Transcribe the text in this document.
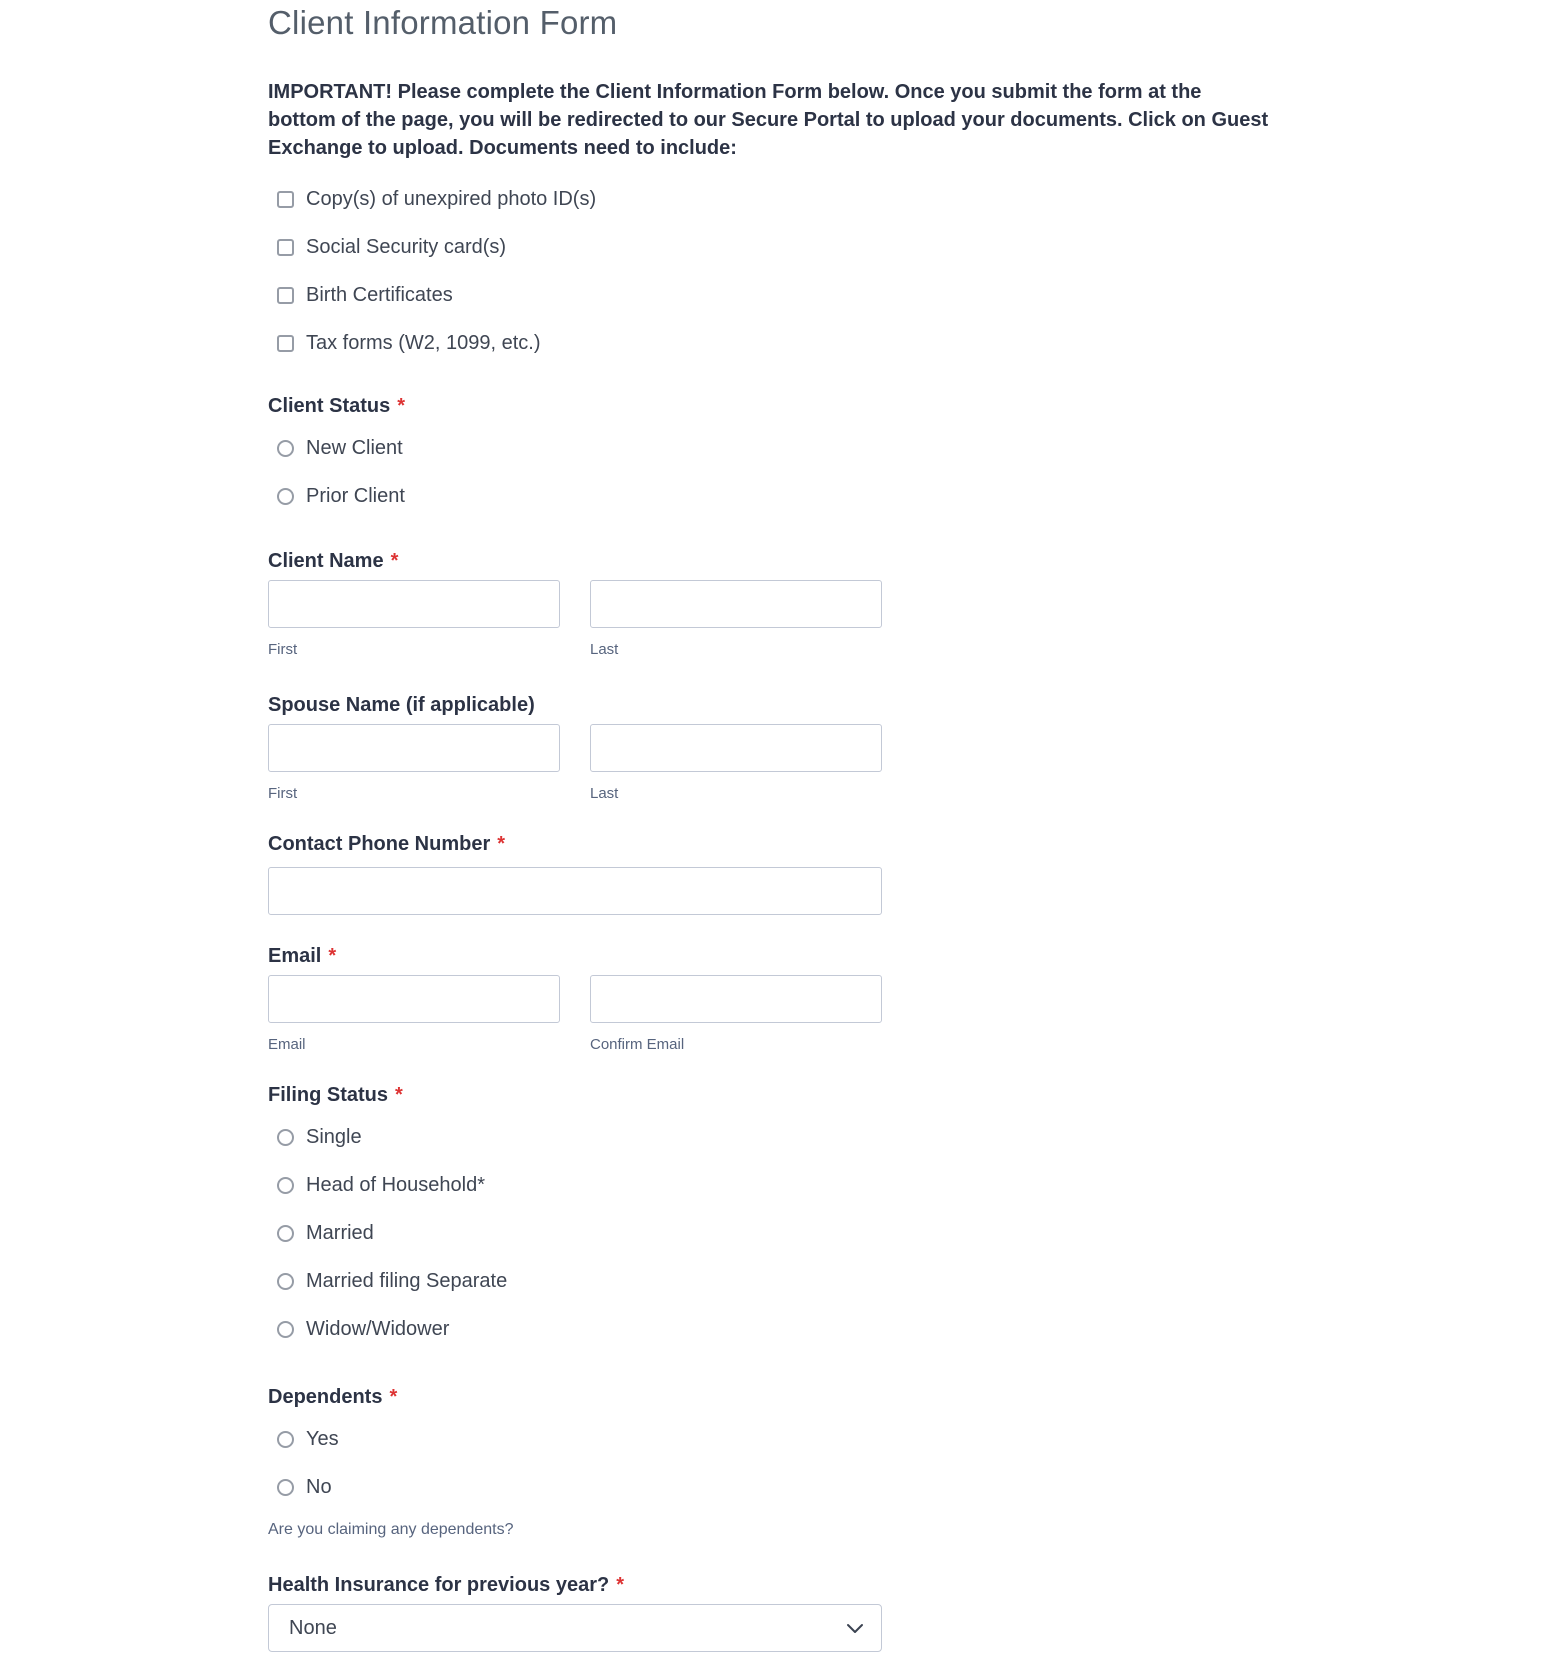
Client Information Form

IMPORTANT! Please complete the Client Information Form below. Once you submit the form at the bottom of the page, you will be redirected to our Secure Portal to upload your documents. Click on Guest Exchange to upload. Documents need to include:

Copy(s) of unexpired photo ID(s)
Social Security card(s)
Birth Certificates
Tax forms (W2, 1099, etc.)
Client Status *
New Client
Prior Client
Client Name *
First	Last
Spouse Name (if applicable)
First	Last
Contact Phone Number *
Email *
Email	Confirm Email
Filing Status *
Single
Head of Household*
Married
Married filing Separate
Widow/Widower
Dependents *
Yes
No
Are you claiming any dependents?
Health Insurance for previous year? *
None
